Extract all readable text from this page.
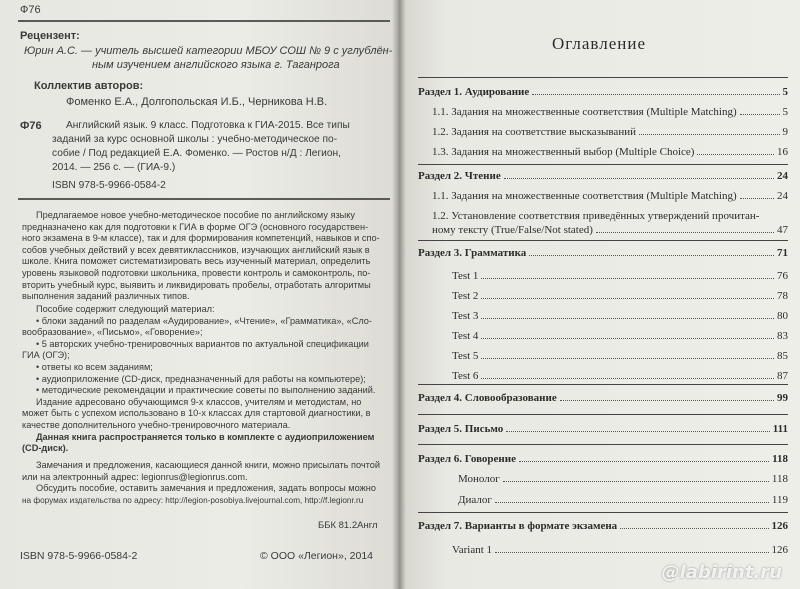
Ф76
Рецензент:
Юрин А.С. — учитель высшей категории МБОУ СОШ № 9 с углублён-
ным изучением английского языка г. Таганрога
Коллектив авторов:
Фоменко Е.А., Долгопольская И.Б., Черникова Н.В.
Ф76 Английский язык. 9 класс. Подготовка к ГИА-2015. Все типы
заданий за курс основной школы : учебно-методическое по-
собие / Под редакцией Е.А. Фоменко. — Ростов н/Д : Легион,
2014. — 256 с. — (ГИА-9.)
ISBN 978-5-9966-0584-2

Предлагаемое новое учебно-методическое пособие по английскому языку

предназначено как для подготовки к ГИА в форме ОГЭ (основного государствен-

ного экзамена в 9-м классе), так и для формирования компетенций, навыков и спо-

собов учебных действий у всех девятиклассников, изучающих английский язык в

школе. Книга поможет систематизировать весь изученный материал, определить

уровень языковой подготовки школьника, провести контроль и самоконтроль, по-

вторить учебный курс, выявить и ликвидировать пробелы, отработать алгоритмы

выполнения заданий различных типов.

Пособие содержит следующий материал:

• блоки заданий по разделам «Аудирование», «Чтение», «Грамматика», «Сло-

вообразование», «Письмо», «Говорение»;

• 5 авторских учебно-тренировочных вариантов по актуальной спецификации

ГИА (ОГЭ);

• ответы ко всем заданиям;

• аудиоприложение (CD-диск, предназначенный для работы на компьютере);

• методические рекомендации и практические советы по выполнению заданий.

Издание адресовано обучающимся 9-х классов, учителям и методистам, но

может быть с успехом использовано в 10-х классах для стартовой диагностики, в

качестве дополнительного учебно-тренировочного материала.

Данная книга распространяется только в комплекте с аудиоприложением

(CD-диск).

Замечания и предложения, касающиеся данной книги, можно присылать почтой

или на электронный адрес: legionrus@legionrus.com.

Обсудить пособие, оставить замечания и предложения, задать вопросы можно

на форумах издательства по адресу: http://legion-posobiya.livejournal.com, http://f.legionr.ru

ББК 81.2Англ
ISBN 978-5-9966-0584-2	© ООО «Легион», 2014
Оглавление
Раздел 1. Аудирование	5
1.1. Задания на множественные соответствия (Multiple Matching)	5
1.2. Задания на соответствие высказываний	9
1.3. Задания на множественный выбор (Multiple Choice)	16
Раздел 2. Чтение	24
1.1. Задания на множественные соответствия (Multiple Matching)	24
1.2. Установление соответствия приведённых утверждений прочитан-
ному тексту (True/False/Not stated)	47
Раздел 3. Грамматика	71
Test 1	76
Test 2	78
Test 3	80
Test 4	83
Test 5	85
Test 6	87
Раздел 4. Словообразование	99
Раздел 5. Письмо	111
Раздел 6. Говорение	118
Монолог	118
Диалог	119
Раздел 7. Варианты в формате экзамена	126
Variant 1	126
@labirint.ru
